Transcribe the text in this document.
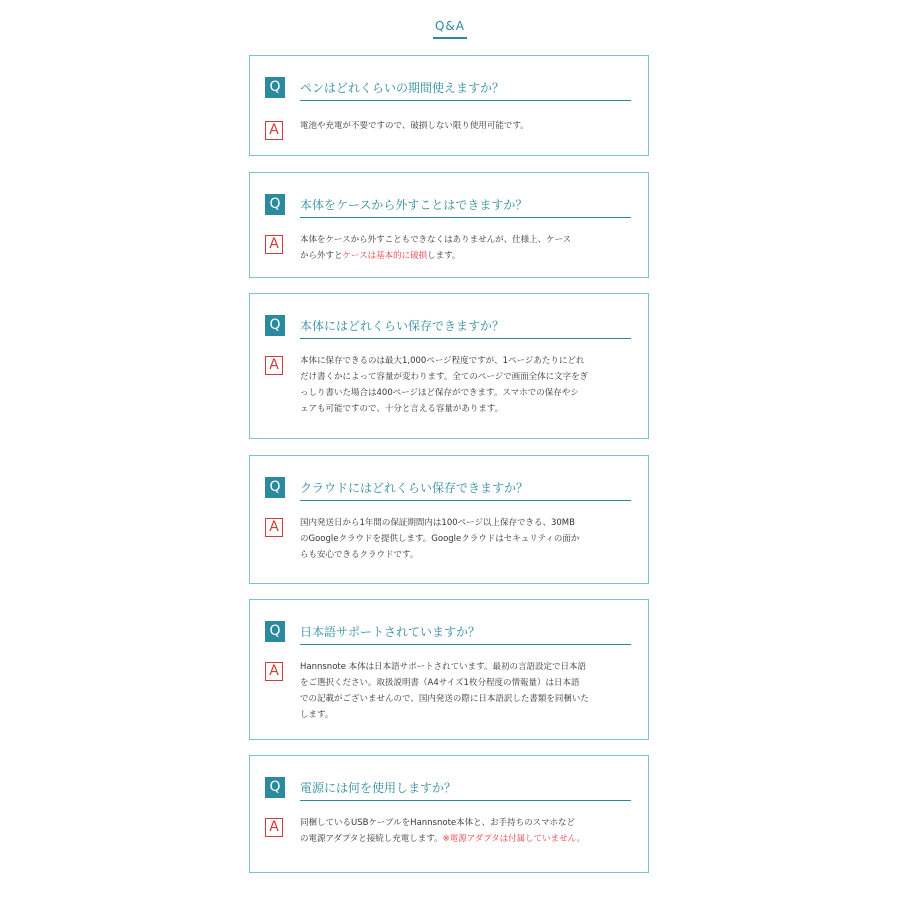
Q&A
Q	ペンはどれくらいの期間使えますか？
A	電池や充電が不要ですので、破損しない限り使用可能です。
Q	本体をケースから外すことはできますか？
A	本体をケースから外すこともできなくはありませんが、仕様上、ケース
から外すとケースは基本的に破損します。
Q	本体にはどれくらい保存できますか？
A	本体に保存できるのは最大1,000ページ程度ですが、1ページあたりにどれ
だけ書くかによって容量が変わります。全てのページで画面全体に文字をぎ
っしり書いた場合は400ページほど保存ができます。スマホでの保存やシ
ェアも可能ですので、十分と言える容量があります。
Q	クラウドにはどれくらい保存できますか？
A	国内発送日から1年間の保証期間内は100ページ以上保存できる、30MB
のGoogleクラウドを提供します。Googleクラウドはセキュリティの面か
らも安心できるクラウドです。
Q	日本語サポートされていますか？
A	Hannsnote 本体は日本語サポートされています。最初の言語設定で日本語
をご選択ください。取扱説明書（A4サイズ1枚分程度の情報量）は日本語
での記載がございませんので、国内発送の際に日本語訳した書類を同梱いた
します。
Q	電源には何を使用しますか？
A	同梱しているUSBケーブルをHannsnote本体と、お手持ちのスマホなど
の電源アダプタと接続し充電します。※電源アダプタは付属していません。
